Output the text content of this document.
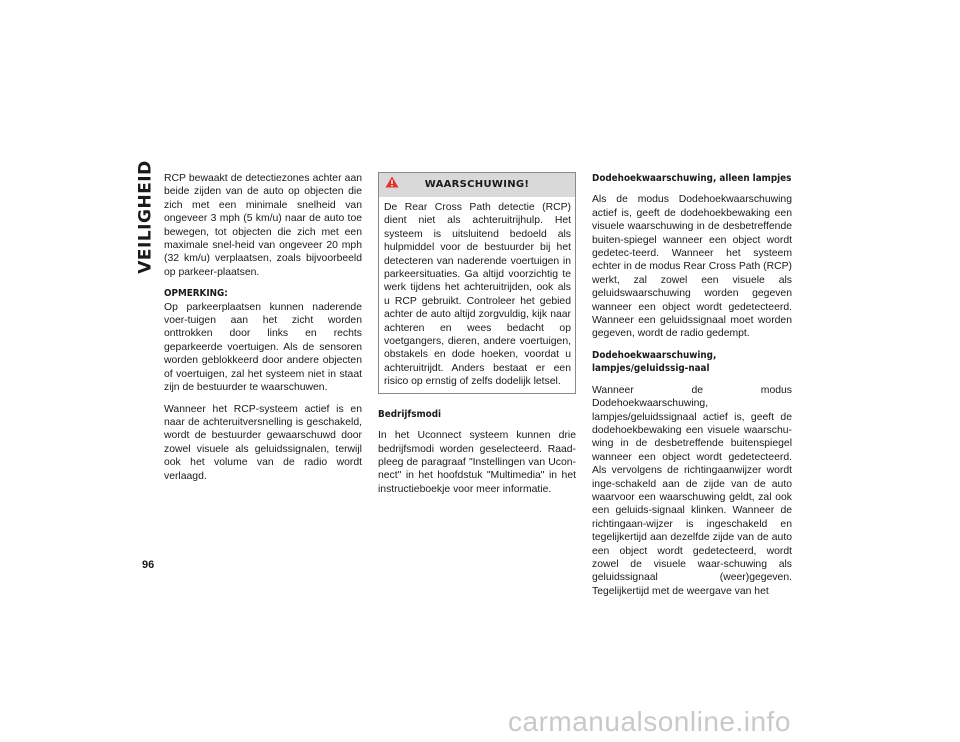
VEILIGHEID
96

RCP bewaakt de detectiezones achter aan beide zijden van de auto op objecten die zich met een minimale snelheid van ongeveer 3 mph (5 km/u) naar de auto toe bewegen, tot objecten die zich met een maximale snel-heid van ongeveer 20 mph (32 km/u) verplaatsen, zoals bijvoorbeeld op parkeer-plaatsen.

OPMERKING:

Op parkeerplaatsen kunnen naderende voer-tuigen aan het zicht worden onttrokken door links en rechts geparkeerde voertuigen. Als de sensoren worden geblokkeerd door andere objecten of voertuigen, zal het systeem niet in staat zijn de bestuurder te waarschuwen.

Wanneer het RCP-systeem actief is en naar de achteruitversnelling is geschakeld, wordt de bestuurder gewaarschuwd door zowel visuele als geluidssignalen, terwijl ook het volume van de radio wordt verlaagd.

WAARSCHUWING!
De Rear Cross Path detectie (RCP) dient niet als achteruitrijhulp. Het systeem is uitsluitend bedoeld als hulpmiddel voor de bestuurder bij het detecteren van naderende voertuigen in parkeersituaties. Ga altijd voorzichtig te werk tijdens het achteruitrijden, ook als u RCP gebruikt. Controleer het gebied achter de auto altijd zorgvuldig, kijk naar achteren en wees bedacht op voetgangers, dieren, andere voertuigen, obstakels en dode hoeken, voordat u achteruitrijdt. Anders bestaat er een risico op ernstig of zelfs dodelijk letsel.
Bedrijfsmodi

In het Uconnect systeem kunnen drie bedrijfsmodi worden geselecteerd. Raad-pleeg de paragraaf "Instellingen van Ucon-nect" in het hoofdstuk "Multimedia" in het instructieboekje voor meer informatie.

Dodehoekwaarschuwing, alleen lampjes

Als de modus Dodehoekwaarschuwing actief is, geeft de dodehoekbewaking een visuele waarschuwing in de desbetreffende buiten-spiegel wanneer een object wordt gedetec-teerd. Wanneer het systeem echter in de modus Rear Cross Path (RCP) werkt, zal zowel een visuele als geluidswaarschuwing worden gegeven wanneer een object wordt gedetecteerd. Wanneer een geluidssignaal moet worden gegeven, wordt de radio gedempt.

Dodehoekwaarschuwing, lampjes/geluidssig-naal

Wanneer de modus Dodehoekwaarschuwing, lampjes/geluidssignaal actief is, geeft de dodehoekbewaking een visuele waarschu-wing in de desbetreffende buitenspiegel wanneer een object wordt gedetecteerd. Als vervolgens de richtingaanwijzer wordt inge-schakeld aan de zijde van de auto waarvoor een waarschuwing geldt, zal ook een geluids-signaal klinken. Wanneer de richtingaan-wijzer is ingeschakeld en tegelijkertijd aan dezelfde zijde van de auto een object wordt gedetecteerd, wordt zowel de visuele waar-schuwing als geluidssignaal (weer)gegeven. Tegelijkertijd met de weergave van het

carmanualsonline.info
